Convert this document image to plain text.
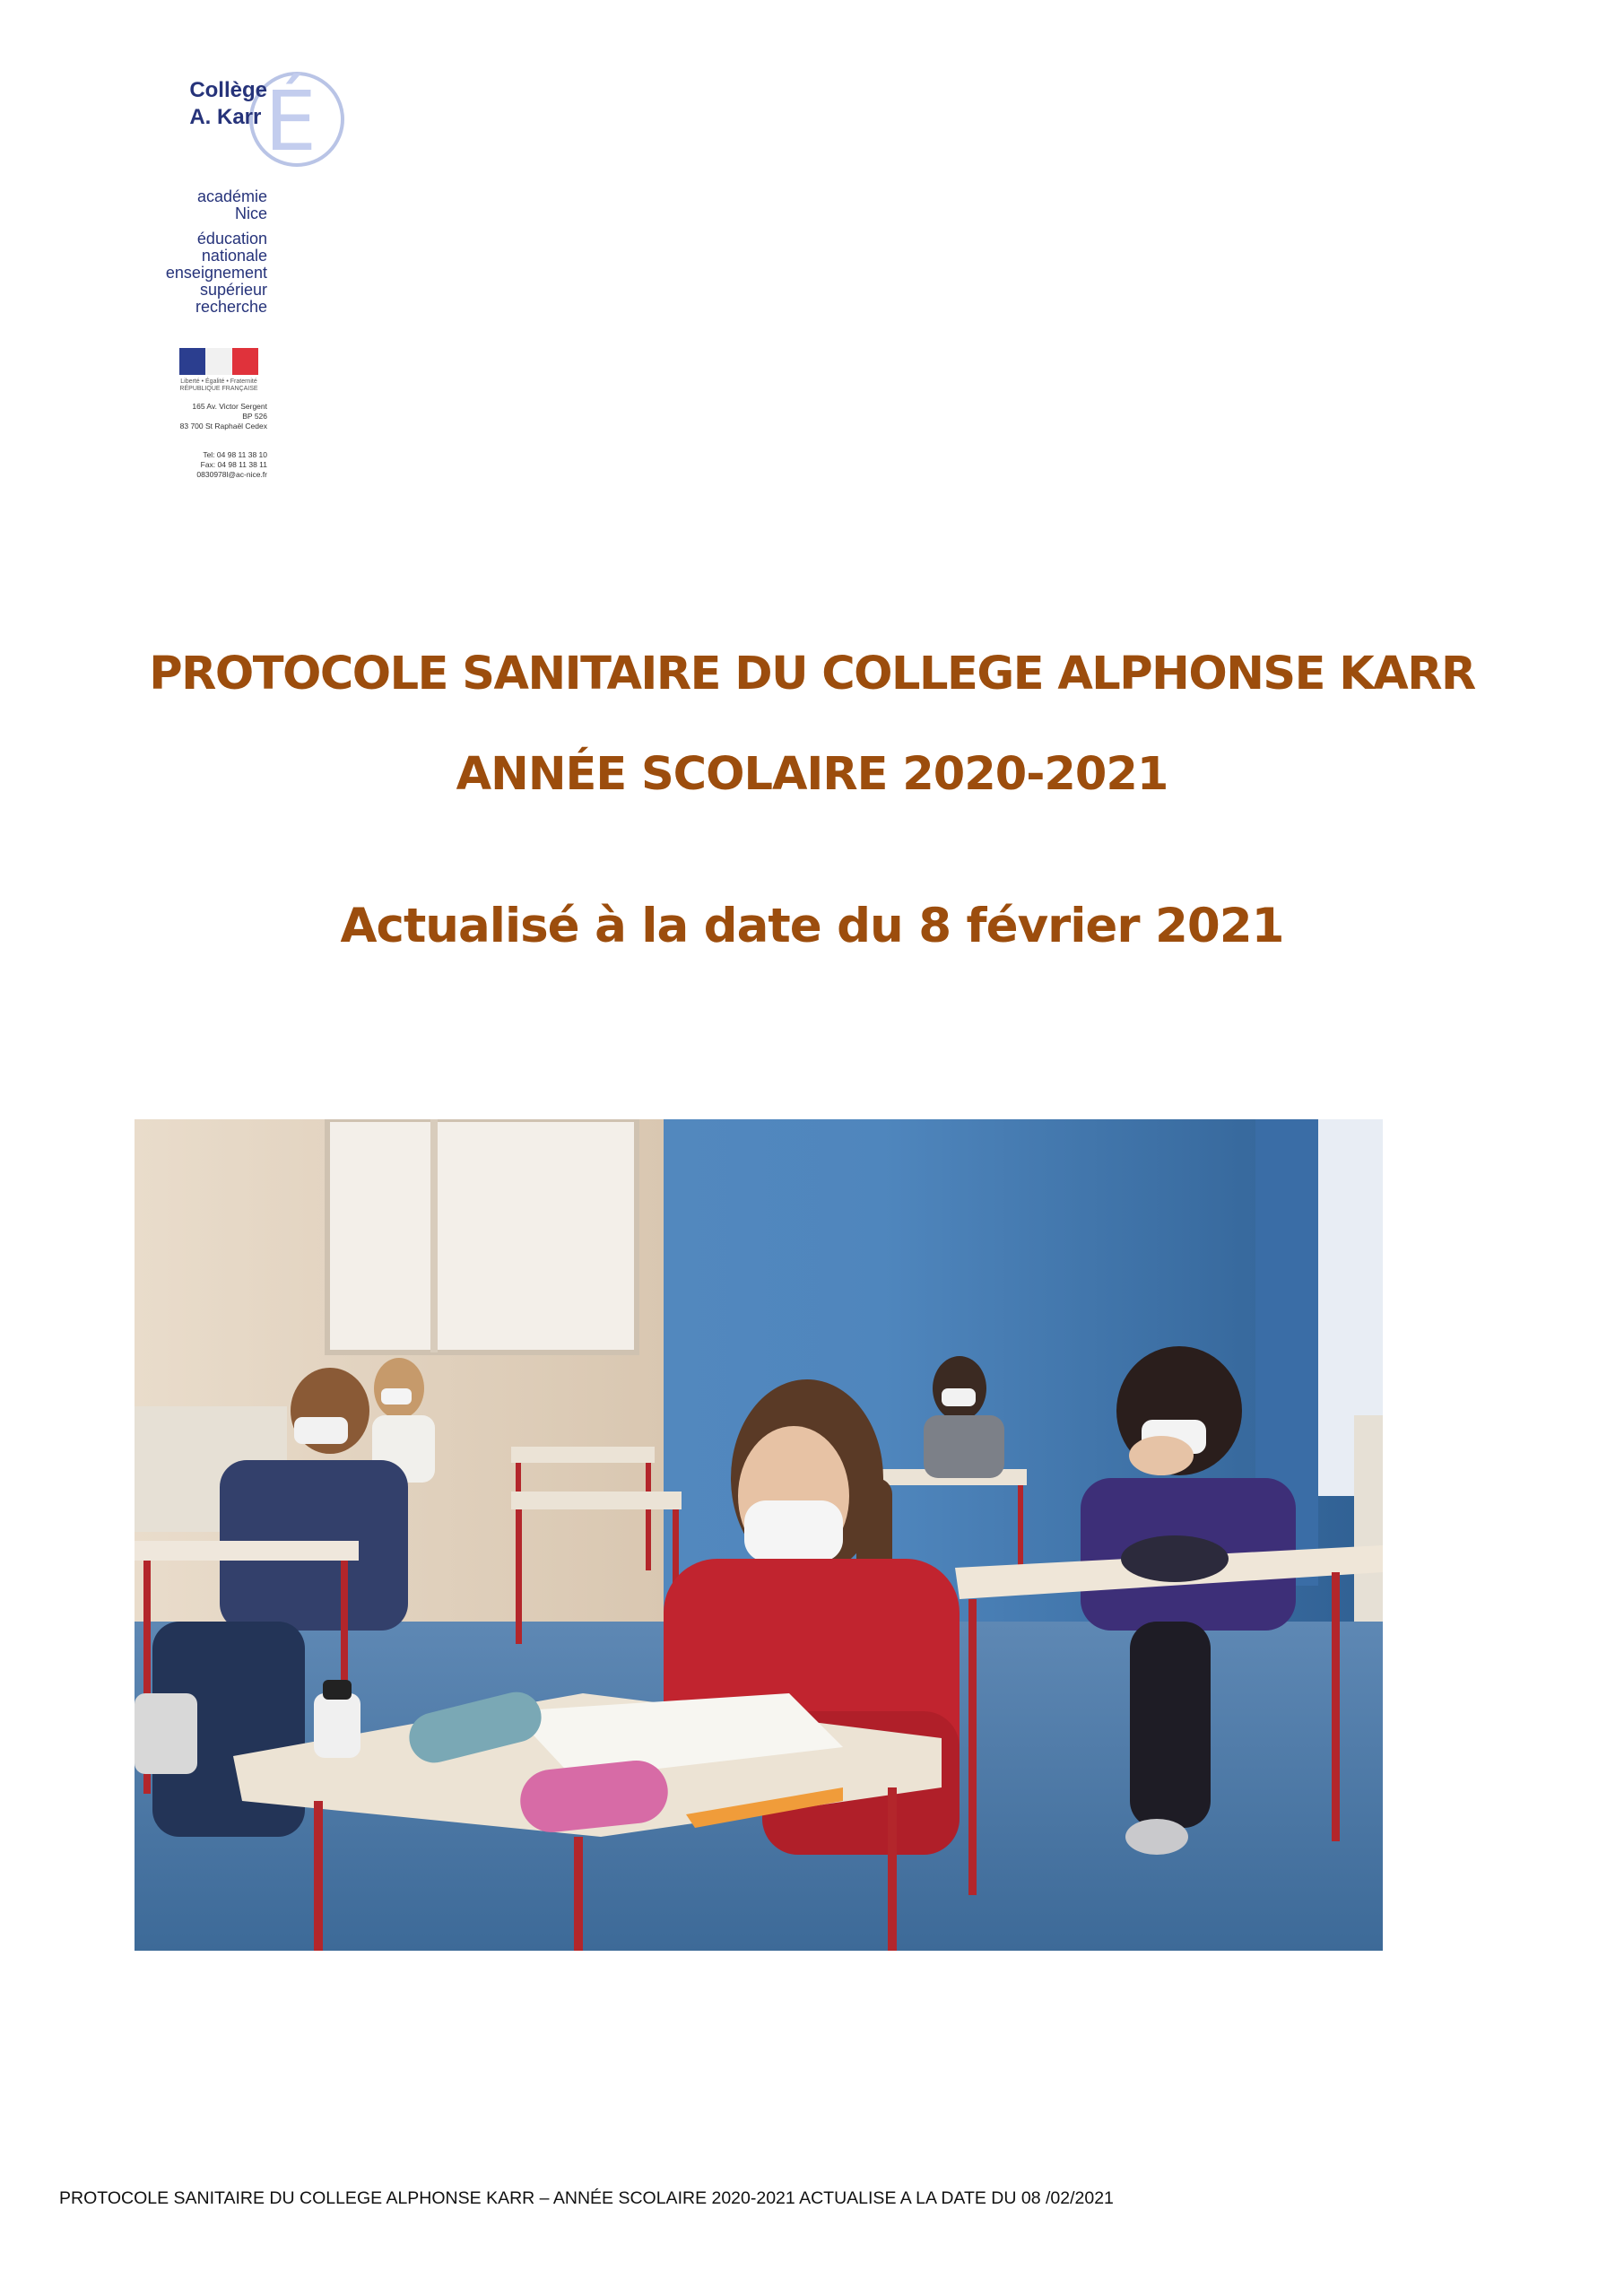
É
Collège
A. Karr
académie
Nice
éducation
nationale
enseignement
supérieur
recherche
Liberté • Égalité • Fraternité RÉPUBLIQUE FRANÇAISE
165 Av. Victor Sergent
BP 526
83 700 St Raphaël Cedex
Tel: 04 98 11 38 10
Fax: 04 98 11 38 11
0830978l@ac-nice.fr
PROTOCOLE SANITAIRE DU COLLEGE ALPHONSE KARR
ANNÉE SCOLAIRE 2020-2021
Actualisé à la date du 8 février 2021
PROTOCOLE SANITAIRE DU COLLEGE ALPHONSE KARR – ANNÉE SCOLAIRE 2020-2021 ACTUALISE A LA DATE DU 08 /02/2021
